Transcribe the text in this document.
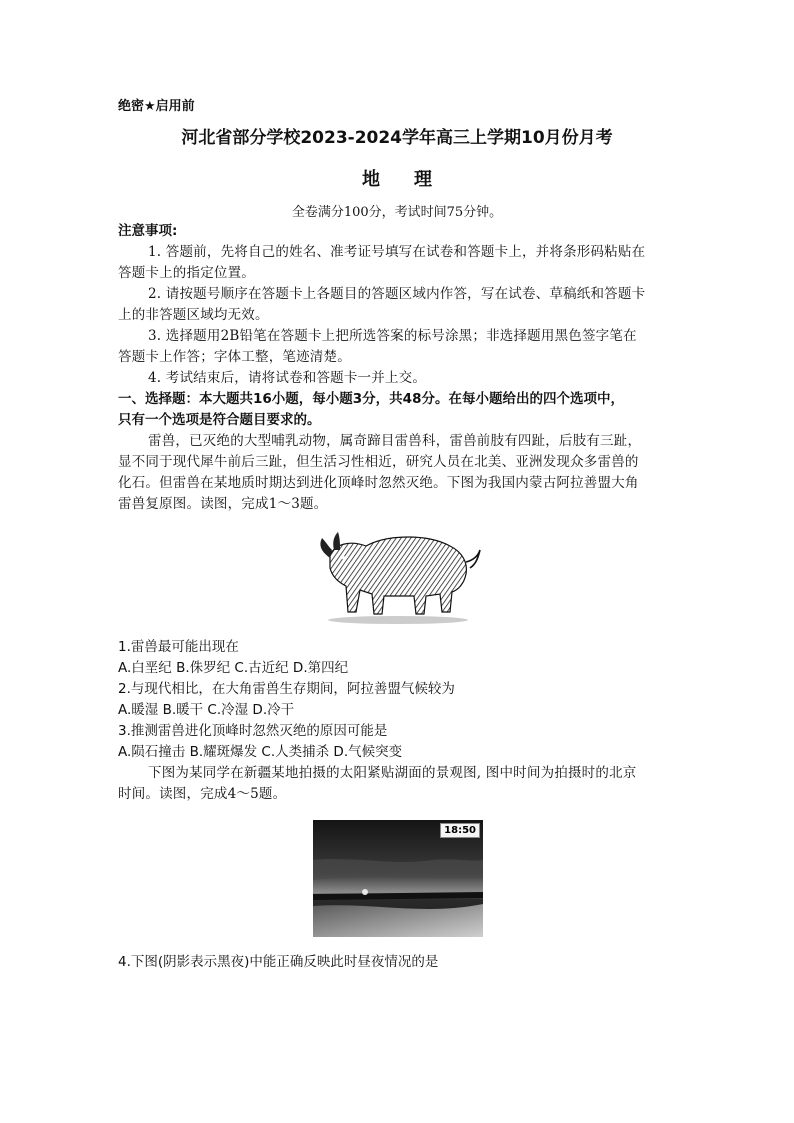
绝密★启用前
河北省部分学校2023-2024学年高三上学期10月份月考
地 理
全卷满分100分，考试时间75分钟。
注意事项:
1. 答题前，先将自己的姓名、准考证号填写在试卷和答题卡上，并将条形码粘贴在
答题卡上的指定位置。
2. 请按题号顺序在答题卡上各题目的答题区域内作答，写在试卷、草稿纸和答题卡
上的非答题区域均无效。
3. 选择题用2B铅笔在答题卡上把所选答案的标号涂黑；非选择题用黑色签字笔在
答题卡上作答；字体工整，笔迹清楚。
4. 考试结束后，请将试卷和答题卡一并上交。
一、选择题：本大题共16小题，每小题3分，共48分。在每小题给出的四个选项中，
只有一个选项是符合题目要求的。
雷兽，已灭绝的大型哺乳动物，属奇蹄目雷兽科，雷兽前肢有四趾，后肢有三趾，
显不同于现代犀牛前后三趾，但生活习性相近，研究人员在北美、亚洲发现众多雷兽的
化石。但雷兽在某地质时期达到进化顶峰时忽然灭绝。下图为我国内蒙古阿拉善盟大角
雷兽复原图。读图，完成1～3题。
1.雷兽最可能出现在
A.白垩纪 B.侏罗纪 C.古近纪 D.第四纪
2.与现代相比，在大角雷兽生存期间，阿拉善盟气候较为
A.暖湿 B.暖干 C.冷湿 D.冷干
3.推测雷兽进化顶峰时忽然灭绝的原因可能是
A.陨石撞击 B.耀斑爆发 C.人类捕杀 D.气候突变
下图为某同学在新疆某地拍摄的太阳紧贴湖面的景观图, 图中时间为拍摄时的北京
时间。读图，完成4～5题。
18:50
4.下图(阴影表示黑夜)中能正确反映此时昼夜情况的是
